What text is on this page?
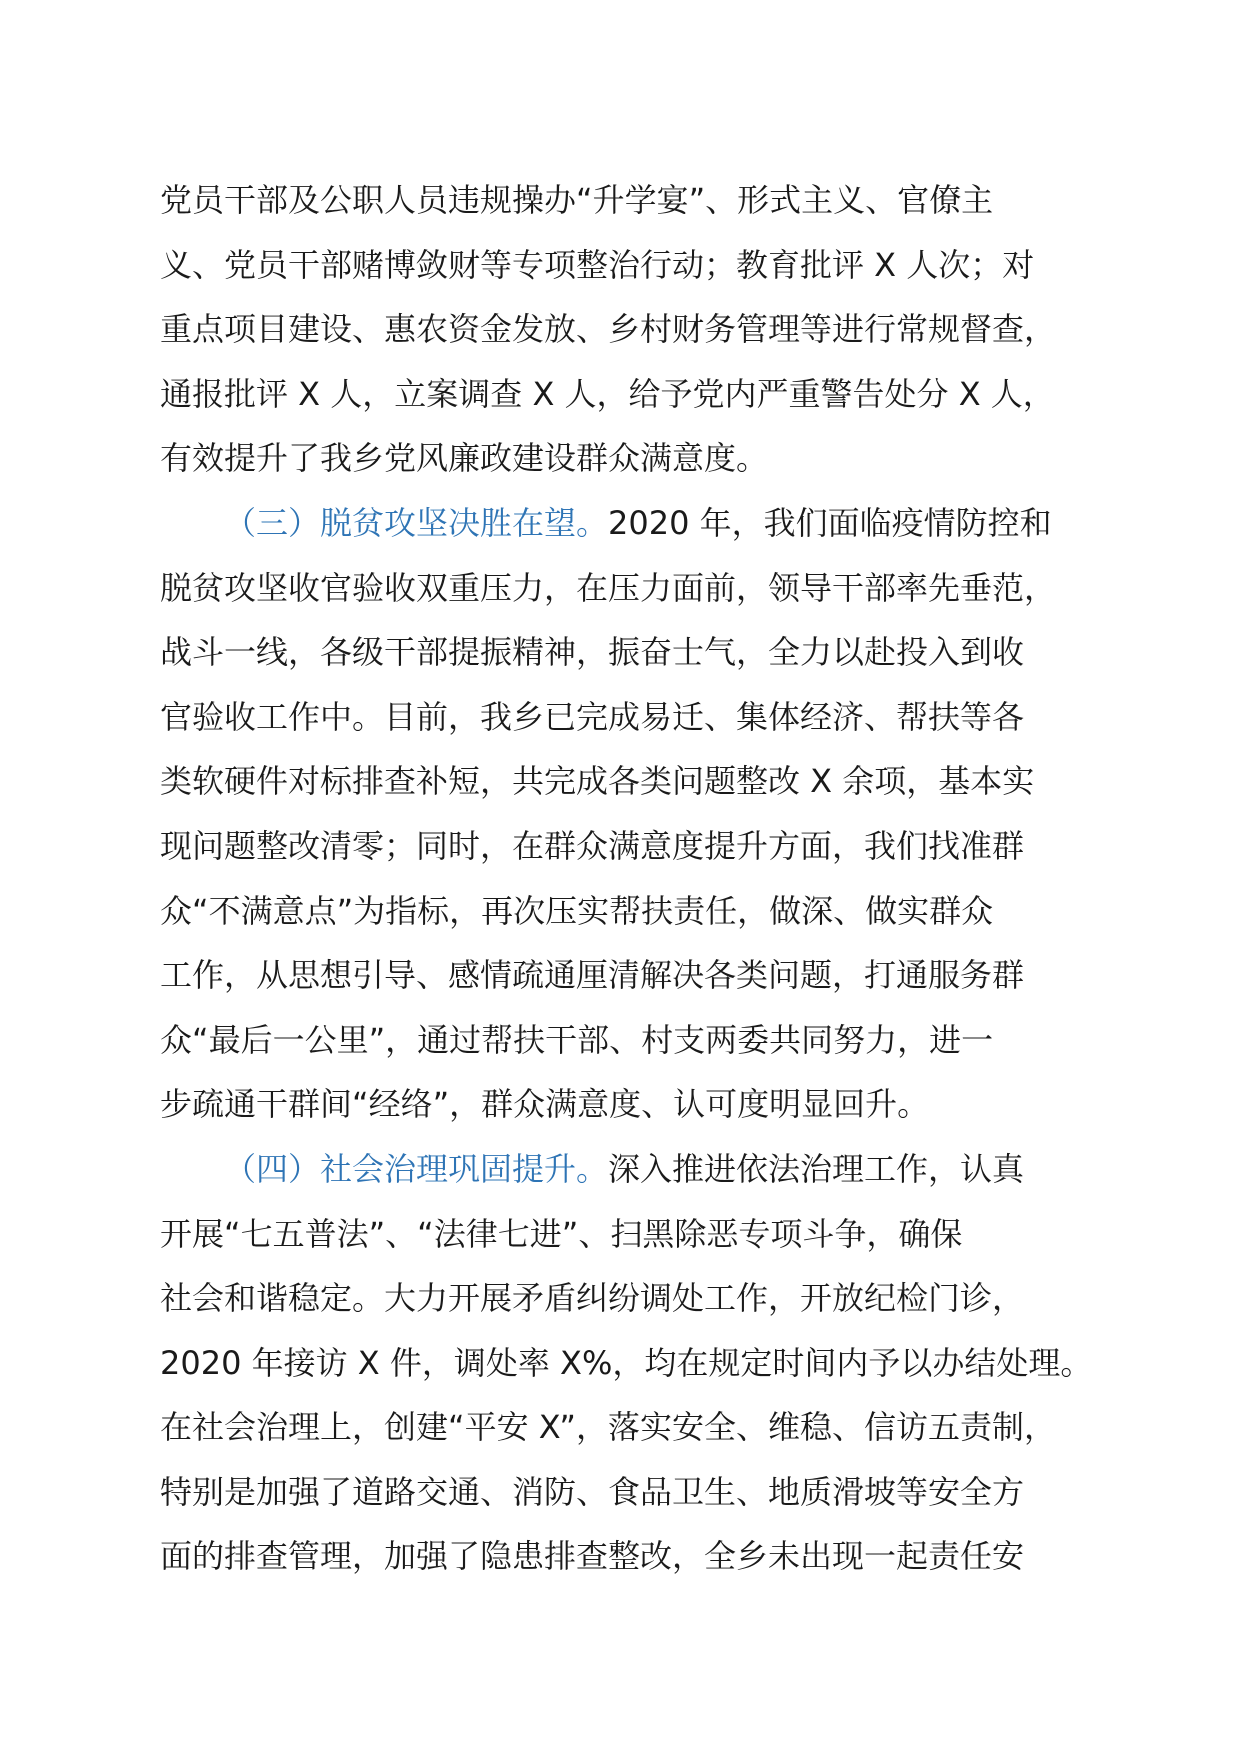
党员干部及公职人员违规操办“升学宴”、形式主义、官僚主
义、党员干部赌博敛财等专项整治行动；教育批评 X 人次；对
重点项目建设、惠农资金发放、乡村财务管理等进行常规督查，
通报批评 X 人，立案调查 X 人，给予党内严重警告处分 X 人，
有效提升了我乡党风廉政建设群众满意度。
（三）脱贫攻坚决胜在望。2020 年，我们面临疫情防控和
脱贫攻坚收官验收双重压力，在压力面前，领导干部率先垂范，
战斗一线，各级干部提振精神，振奋士气，全力以赴投入到收
官验收工作中。目前，我乡已完成易迁、集体经济、帮扶等各
类软硬件对标排查补短，共完成各类问题整改 X 余项，基本实
现问题整改清零；同时，在群众满意度提升方面，我们找准群
众“不满意点”为指标，再次压实帮扶责任，做深、做实群众
工作，从思想引导、感情疏通厘清解决各类问题，打通服务群
众“最后一公里”，通过帮扶干部、村支两委共同努力，进一
步疏通干群间“经络”，群众满意度、认可度明显回升。
（四）社会治理巩固提升。深入推进依法治理工作，认真
开展“七五普法”、“法律七进”、扫黑除恶专项斗争，确保
社会和谐稳定。大力开展矛盾纠纷调处工作，开放纪检门诊，
2020 年接访 X 件，调处率 X%，均在规定时间内予以办结处理。
在社会治理上，创建“平安 X”，落实安全、维稳、信访五责制，
特别是加强了道路交通、消防、食品卫生、地质滑坡等安全方
面的排查管理，加强了隐患排查整改，全乡未出现一起责任安
